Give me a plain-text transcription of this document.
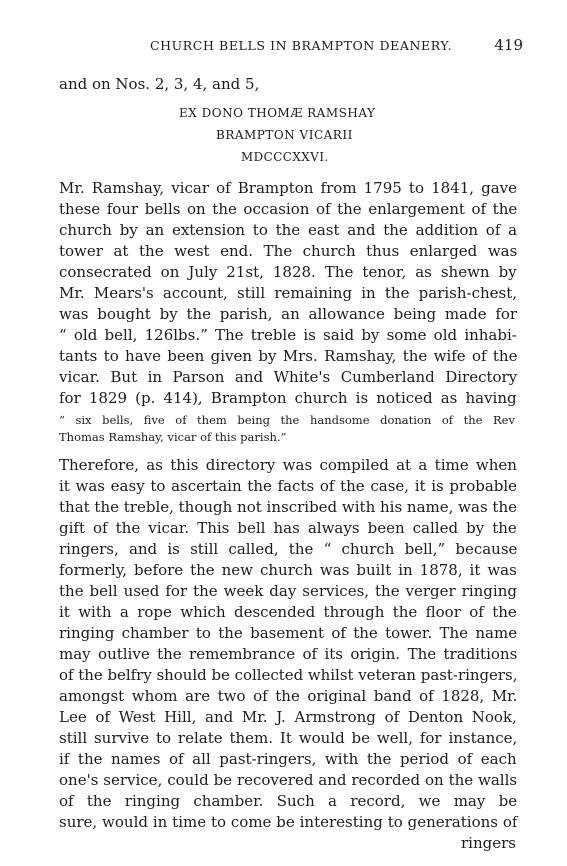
CHURCH BELLS IN BRAMPTON DEANERY.	419
and on Nos. 2, 3, 4, and 5,
EX DONO THOMÆ RAMSHAY
BRAMPTON VICARII
MDCCCXXVI.
Mr. Ramshay, vicar of Brampton from 1795 to 1841, gave
these four bells on the occasion of the enlargement of the
church by an extension to the east and the addition of a
tower at the west end. The church thus enlarged was
consecrated on July 21st, 1828. The tenor, as shewn by
Mr. Mears's account, still remaining in the parish-chest,
was bought by the parish, an allowance being made for
“ old bell, 126lbs.” The treble is said by some old inhabi-
tants to have been given by Mrs. Ramshay, the wife of the
vicar. But in Parson and White's Cumberland Directory
for 1829 (p. 414), Brampton church is noticed as having
“ six bells, five of them being the handsome donation of the Rev
Thomas Ramshay, vicar of this parish.”
Therefore, as this directory was compiled at a time when
it was easy to ascertain the facts of the case, it is probable
that the treble, though not inscribed with his name, was the
gift of the vicar. This bell has always been called by the
ringers, and is still called, the “ church bell,” because
formerly, before the new church was built in 1878, it was
the bell used for the week day services, the verger ringing
it with a rope which descended through the floor of the
ringing chamber to the basement of the tower. The name
may outlive the remembrance of its origin. The traditions
of the belfry should be collected whilst veteran past-ringers,
amongst whom are two of the original band of 1828, Mr.
Lee of West Hill, and Mr. J. Armstrong of Denton Nook,
still survive to relate them. It would be well, for instance,
if the names of all past-ringers, with the period of each
one's service, could be recovered and recorded on the walls
of the ringing chamber. Such a record, we may be
sure, would in time to come be interesting to generations of
ringers
